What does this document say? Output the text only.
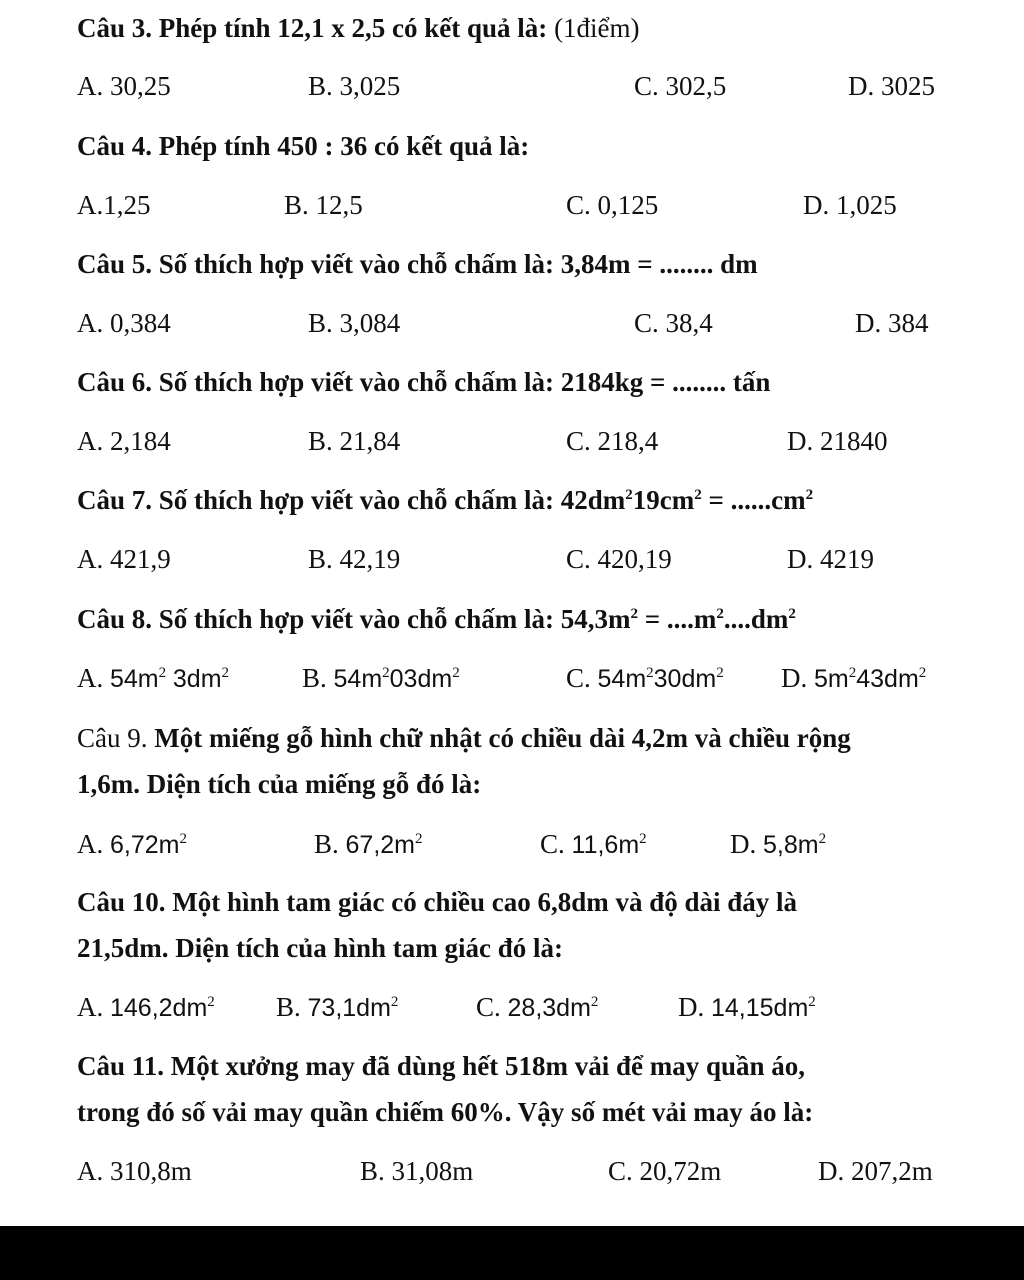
Câu 3. Phép tính 12,1 x 2,5 có kết quả là: (1điểm)
A. 30,25	B. 3,025	C. 302,5	D. 3025
Câu 4. Phép tính 450 : 36 có kết quả là:
A.1,25	B. 12,5	C. 0,125	D. 1,025
Câu 5. Số thích hợp viết vào chỗ chấm là: 3,84m = ........ dm
A. 0,384	B. 3,084	C. 38,4	D. 384
Câu 6. Số thích hợp viết vào chỗ chấm là: 2184kg = ........ tấn
A. 2,184	B. 21,84	C. 218,4	D. 21840
Câu 7. Số thích hợp viết vào chỗ chấm là: $42dm^219cm^2 = ......cm^2$
A. 421,9	B. 42,19	C. 420,19	D. 4219
Câu 8. Số thích hợp viết vào chỗ chấm là: $54,3m^2 = ....m^2....dm^2$
A. $54m^2$ $3dm^2$	B. $54m^203dm^2$	C. $54m^230dm^2$ D. $5m^243dm^2$
Câu 9. Một miếng gỗ hình chữ nhật có chiều dài 4,2m và chiều rộng
1,6m. Diện tích của miếng gỗ đó là:
A. $6,72m^2$	B. $67,2m^2$	C. $11,6m^2$	D. $5,8m^2$
Câu 10. Một hình tam giác có chiều cao 6,8dm và độ dài đáy là
21,5dm. Diện tích của hình tam giác đó là:
A. $146,2dm^2$ B. $73,1dm^2$	C. $28,3dm^2$	D. $14,15dm^2$
Câu 11. Một xưởng may đã dùng hết 518m vải để may quần áo,
trong đó số vải may quần chiếm 60%. Vậy số mét vải may áo là:
A. 310,8m	B. 31,08m	C. 20,72m	D. 207,2m
